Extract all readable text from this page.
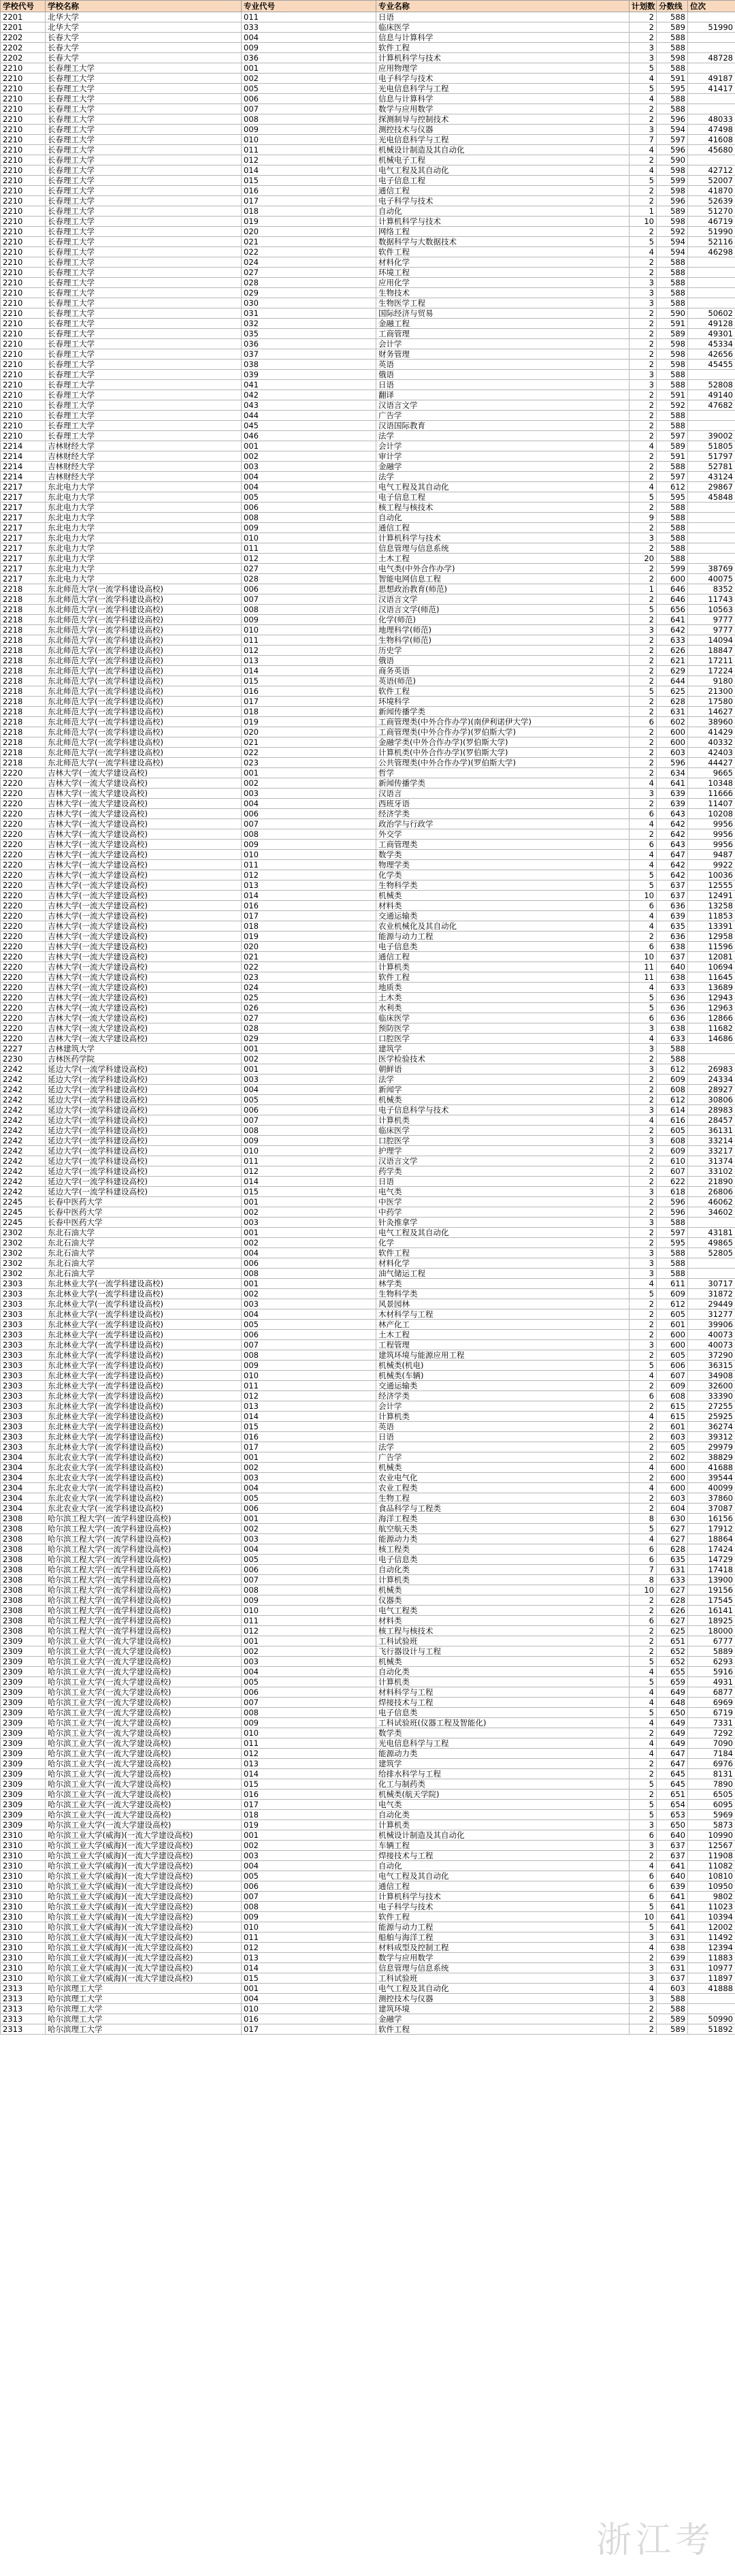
学校代号	学校名称	专业代号	专业名称	计划数	分数线	位次
2201	北华大学	011	日语	2	588	
2201	北华大学	033	临床医学	2	589	51990
2202	长春大学	004	信息与计算科学	2	588	
2202	长春大学	009	软件工程	3	588	
2202	长春大学	036	计算机科学与技术	3	598	48728
2210	长春理工大学	001	应用物理学	5	588	
2210	长春理工大学	002	电子科学与技术	4	591	49187
2210	长春理工大学	005	光电信息科学与工程	5	595	41417
2210	长春理工大学	006	信息与计算科学	4	588	
2210	长春理工大学	007	数学与应用数学	2	588	
2210	长春理工大学	008	探测制导与控制技术	2	596	48033
2210	长春理工大学	009	测控技术与仪器	3	594	47498
2210	长春理工大学	010	光电信息科学与工程	7	597	41608
2210	长春理工大学	011	机械设计制造及其自动化	4	596	45680
2210	长春理工大学	012	机械电子工程	2	590	
2210	长春理工大学	014	电气工程及其自动化	4	598	42712
2210	长春理工大学	015	电子信息工程	5	599	52007
2210	长春理工大学	016	通信工程	2	598	41870
2210	长春理工大学	017	电子科学与技术	2	596	52639
2210	长春理工大学	018	自动化	1	589	51270
2210	长春理工大学	019	计算机科学与技术	10	598	46719
2210	长春理工大学	020	网络工程	2	592	51990
2210	长春理工大学	021	数据科学与大数据技术	5	594	52116
2210	长春理工大学	022	软件工程	4	594	46298
2210	长春理工大学	024	材料化学	2	588	
2210	长春理工大学	027	环境工程	2	588	
2210	长春理工大学	028	应用化学	3	588	
2210	长春理工大学	029	生物技术	3	588	
2210	长春理工大学	030	生物医学工程	3	588	
2210	长春理工大学	031	国际经济与贸易	2	590	50602
2210	长春理工大学	032	金融工程	2	591	49128
2210	长春理工大学	035	工商管理	2	589	49301
2210	长春理工大学	036	会计学	2	598	45334
2210	长春理工大学	037	财务管理	2	598	42656
2210	长春理工大学	038	英语	2	598	45455
2210	长春理工大学	039	俄语	3	588	
2210	长春理工大学	041	日语	3	588	52808
2210	长春理工大学	042	翻译	2	591	49140
2210	长春理工大学	043	汉语言文学	2	592	47682
2210	长春理工大学	044	广告学	2	588	
2210	长春理工大学	045	汉语国际教育	2	588	
2210	长春理工大学	046	法学	2	597	39002
2214	吉林财经大学	001	会计学	4	589	51805
2214	吉林财经大学	002	审计学	2	591	51797
2214	吉林财经大学	003	金融学	2	588	52781
2214	吉林财经大学	004	法学	2	597	43124
2217	东北电力大学	004	电气工程及其自动化	4	612	29867
2217	东北电力大学	005	电子信息工程	5	595	45848
2217	东北电力大学	006	核工程与核技术	2	588	
2217	东北电力大学	008	自动化	9	588	
2217	东北电力大学	009	通信工程	2	588	
2217	东北电力大学	010	计算机科学与技术	3	588	
2217	东北电力大学	011	信息管理与信息系统	2	588	
2217	东北电力大学	012	土木工程	20	588	
2217	东北电力大学	027	电气类(中外合作办学)	2	599	38769
2217	东北电力大学	028	智能电网信息工程	2	600	40075
2218	东北师范大学(一流学科建设高校)	006	思想政治教育(师范)	1	646	8352
2218	东北师范大学(一流学科建设高校)	007	汉语言文学	2	646	11743
2218	东北师范大学(一流学科建设高校)	008	汉语言文学(师范)	5	656	10563
2218	东北师范大学(一流学科建设高校)	009	化学(师范)	2	641	9777
2218	东北师范大学(一流学科建设高校)	010	地理科学(师范)	3	642	9777
2218	东北师范大学(一流学科建设高校)	011	生物科学(师范)	2	633	14094
2218	东北师范大学(一流学科建设高校)	012	历史学	2	626	18847
2218	东北师范大学(一流学科建设高校)	013	俄语	2	621	17211
2218	东北师范大学(一流学科建设高校)	014	商务英语	2	629	17224
2218	东北师范大学(一流学科建设高校)	015	英语(师范)	2	644	9180
2218	东北师范大学(一流学科建设高校)	016	软件工程	5	625	21300
2218	东北师范大学(一流学科建设高校)	017	环境科学	2	628	17580
2218	东北师范大学(一流学科建设高校)	018	新闻传播学类	2	631	14627
2218	东北师范大学(一流学科建设高校)	019	工商管理类(中外合作办学)(南伊利诺伊大学)	6	602	38960
2218	东北师范大学(一流学科建设高校)	020	工商管理类(中外合作办学)(罗伯斯大学)	2	600	41429
2218	东北师范大学(一流学科建设高校)	021	金融学类(中外合作办学)(罗伯斯大学)	2	600	40332
2218	东北师范大学(一流学科建设高校)	022	计算机类(中外合作办学)(罗伯斯大学)	2	603	42403
2218	东北师范大学(一流学科建设高校)	023	公共管理类(中外合作办学)(罗伯斯大学)	2	596	44427
2220	吉林大学(一流大学建设高校)	001	哲学	2	634	9665
2220	吉林大学(一流大学建设高校)	002	新闻传播学类	4	641	10348
2220	吉林大学(一流大学建设高校)	003	汉语言	3	639	11666
2220	吉林大学(一流大学建设高校)	004	西班牙语	2	639	11407
2220	吉林大学(一流大学建设高校)	006	经济学类	6	643	10208
2220	吉林大学(一流大学建设高校)	007	政治学与行政学	4	642	9956
2220	吉林大学(一流大学建设高校)	008	外交学	2	642	9956
2220	吉林大学(一流大学建设高校)	009	工商管理类	6	643	9956
2220	吉林大学(一流大学建设高校)	010	数学类	4	647	9487
2220	吉林大学(一流大学建设高校)	011	物理学类	4	642	9922
2220	吉林大学(一流大学建设高校)	012	化学类	5	642	10036
2220	吉林大学(一流大学建设高校)	013	生物科学类	5	637	12555
2220	吉林大学(一流大学建设高校)	014	机械类	10	637	12491
2220	吉林大学(一流大学建设高校)	016	材料类	6	636	13258
2220	吉林大学(一流大学建设高校)	017	交通运输类	4	639	11853
2220	吉林大学(一流大学建设高校)	018	农业机械化及其自动化	4	635	13391
2220	吉林大学(一流大学建设高校)	019	能源与动力工程	2	636	12958
2220	吉林大学(一流大学建设高校)	020	电子信息类	6	638	11596
2220	吉林大学(一流大学建设高校)	021	通信工程	10	637	12081
2220	吉林大学(一流大学建设高校)	022	计算机类	11	640	10694
2220	吉林大学(一流大学建设高校)	023	软件工程	11	638	11645
2220	吉林大学(一流大学建设高校)	024	地质类	4	633	13689
2220	吉林大学(一流大学建设高校)	025	土木类	5	636	12943
2220	吉林大学(一流大学建设高校)	026	水利类	5	636	12963
2220	吉林大学(一流大学建设高校)	027	临床医学	6	636	12866
2220	吉林大学(一流大学建设高校)	028	预防医学	3	638	11682
2220	吉林大学(一流大学建设高校)	029	口腔医学	4	633	14686
2227	吉林建筑大学	001	建筑学	3	588	
2230	吉林医药学院	002	医学检验技术	2	588	
2242	延边大学(一流学科建设高校)	001	朝鲜语	3	612	26983
2242	延边大学(一流学科建设高校)	003	法学	2	609	24334
2242	延边大学(一流学科建设高校)	004	新闻学	2	608	28927
2242	延边大学(一流学科建设高校)	005	机械类	2	612	30806
2242	延边大学(一流学科建设高校)	006	电子信息科学与技术	3	614	28983
2242	延边大学(一流学科建设高校)	007	计算机类	4	616	28457
2242	延边大学(一流学科建设高校)	008	临床医学	2	605	36131
2242	延边大学(一流学科建设高校)	009	口腔医学	3	608	33214
2242	延边大学(一流学科建设高校)	010	护理学	2	609	33217
2242	延边大学(一流学科建设高校)	011	汉语言文学	2	610	31374
2242	延边大学(一流学科建设高校)	012	药学类	2	607	33102
2242	延边大学(一流学科建设高校)	014	日语	2	622	21890
2242	延边大学(一流学科建设高校)	015	电气类	3	618	26806
2245	长春中医药大学	001	中医学	2	596	46062
2245	长春中医药大学	002	中药学	2	596	34602
2245	长春中医药大学	003	针灸推拿学	3	588	
2302	东北石油大学	001	电气工程及其自动化	2	597	43181
2302	东北石油大学	002	化学	2	595	49865
2302	东北石油大学	004	软件工程	3	588	52805
2302	东北石油大学	006	材料化学	3	588	
2302	东北石油大学	008	油气储运工程	3	588	
2303	东北林业大学(一流学科建设高校)	001	林学类	4	611	30717
2303	东北林业大学(一流学科建设高校)	002	生物科学类	5	609	31872
2303	东北林业大学(一流学科建设高校)	003	风景园林	2	612	29449
2303	东北林业大学(一流学科建设高校)	004	木材科学与工程	2	605	31277
2303	东北林业大学(一流学科建设高校)	005	林产化工	2	601	39906
2303	东北林业大学(一流学科建设高校)	006	土木工程	2	600	40073
2303	东北林业大学(一流学科建设高校)	007	工程管理	3	600	40073
2303	东北林业大学(一流学科建设高校)	008	建筑环境与能源应用工程	2	605	37290
2303	东北林业大学(一流学科建设高校)	009	机械类(机电)	5	606	36315
2303	东北林业大学(一流学科建设高校)	010	机械类(车辆)	4	607	34908
2303	东北林业大学(一流学科建设高校)	011	交通运输类	2	609	32600
2303	东北林业大学(一流学科建设高校)	012	经济学类	6	608	33390
2303	东北林业大学(一流学科建设高校)	013	会计学	2	615	27255
2303	东北林业大学(一流学科建设高校)	014	计算机类	4	615	25925
2303	东北林业大学(一流学科建设高校)	015	英语	2	601	36274
2303	东北林业大学(一流学科建设高校)	016	日语	2	603	39312
2303	东北林业大学(一流学科建设高校)	017	法学	2	605	29979
2304	东北农业大学(一流学科建设高校)	001	广告学	2	602	38829
2304	东北农业大学(一流学科建设高校)	002	机械类	4	600	41688
2304	东北农业大学(一流学科建设高校)	003	农业电气化	2	600	39544
2304	东北农业大学(一流学科建设高校)	004	农业工程类	4	600	40099
2304	东北农业大学(一流学科建设高校)	005	生物工程	2	603	37860
2304	东北农业大学(一流学科建设高校)	006	食品科学与工程类	2	604	37087
2308	哈尔滨工程大学(一流学科建设高校)	001	海洋工程类	8	630	16156
2308	哈尔滨工程大学(一流学科建设高校)	002	航空航天类	5	627	17912
2308	哈尔滨工程大学(一流学科建设高校)	003	能源动力类	4	627	18864
2308	哈尔滨工程大学(一流学科建设高校)	004	核工程类	6	628	17424
2308	哈尔滨工程大学(一流学科建设高校)	005	电子信息类	6	635	14729
2308	哈尔滨工程大学(一流学科建设高校)	006	自动化类	7	631	17418
2308	哈尔滨工程大学(一流学科建设高校)	007	计算机类	8	633	13900
2308	哈尔滨工程大学(一流学科建设高校)	008	机械类	10	627	19156
2308	哈尔滨工程大学(一流学科建设高校)	009	仪器类	2	628	17545
2308	哈尔滨工程大学(一流学科建设高校)	010	电气工程类	2	626	16141
2308	哈尔滨工程大学(一流学科建设高校)	011	材料类	6	627	18925
2308	哈尔滨工程大学(一流学科建设高校)	012	核工程与核技术	2	625	18000
2309	哈尔滨工业大学(一流大学建设高校)	001	工科试验班	2	651	6777
2309	哈尔滨工业大学(一流大学建设高校)	002	飞行器设计与工程	2	652	5889
2309	哈尔滨工业大学(一流大学建设高校)	003	机械类	5	652	6293
2309	哈尔滨工业大学(一流大学建设高校)	004	自动化类	4	655	5916
2309	哈尔滨工业大学(一流大学建设高校)	005	计算机类	5	659	4931
2309	哈尔滨工业大学(一流大学建设高校)	006	材料科学与工程	4	649	6877
2309	哈尔滨工业大学(一流大学建设高校)	007	焊接技术与工程	4	648	6969
2309	哈尔滨工业大学(一流大学建设高校)	008	电子信息类	5	650	6719
2309	哈尔滨工业大学(一流大学建设高校)	009	工科试验班(仪器工程及智能化)	4	649	7331
2309	哈尔滨工业大学(一流大学建设高校)	010	数学类	2	649	7292
2309	哈尔滨工业大学(一流大学建设高校)	011	光电信息科学与工程	4	649	7090
2309	哈尔滨工业大学(一流大学建设高校)	012	能源动力类	4	647	7184
2309	哈尔滨工业大学(一流大学建设高校)	013	建筑学	2	647	6976
2309	哈尔滨工业大学(一流大学建设高校)	014	给排水科学与工程	2	645	8131
2309	哈尔滨工业大学(一流大学建设高校)	015	化工与制药类	5	645	7890
2309	哈尔滨工业大学(一流大学建设高校)	016	机械类(航天学院)	2	651	6505
2309	哈尔滨工业大学(一流大学建设高校)	017	电气类	5	654	6095
2309	哈尔滨工业大学(一流大学建设高校)	018	自动化类	5	653	5969
2309	哈尔滨工业大学(一流大学建设高校)	019	计算机类	3	650	5873
2310	哈尔滨工业大学(威海)(一流大学建设高校)	001	机械设计制造及其自动化	6	640	10990
2310	哈尔滨工业大学(威海)(一流大学建设高校)	002	车辆工程	3	637	12567
2310	哈尔滨工业大学(威海)(一流大学建设高校)	003	焊接技术与工程	2	637	11908
2310	哈尔滨工业大学(威海)(一流大学建设高校)	004	自动化	4	641	11082
2310	哈尔滨工业大学(威海)(一流大学建设高校)	005	电气工程及其自动化	6	640	10810
2310	哈尔滨工业大学(威海)(一流大学建设高校)	006	通信工程	6	639	10950
2310	哈尔滨工业大学(威海)(一流大学建设高校)	007	计算机科学与技术	6	641	9802
2310	哈尔滨工业大学(威海)(一流大学建设高校)	008	电子科学与技术	5	641	11023
2310	哈尔滨工业大学(威海)(一流大学建设高校)	009	软件工程	10	641	10394
2310	哈尔滨工业大学(威海)(一流大学建设高校)	010	能源与动力工程	5	641	12002
2310	哈尔滨工业大学(威海)(一流大学建设高校)	011	船舶与海洋工程	3	631	11492
2310	哈尔滨工业大学(威海)(一流大学建设高校)	012	材料成型及控制工程	4	638	12394
2310	哈尔滨工业大学(威海)(一流大学建设高校)	013	数学与应用数学	2	639	11883
2310	哈尔滨工业大学(威海)(一流大学建设高校)	014	信息管理与信息系统	3	631	10977
2310	哈尔滨工业大学(威海)(一流大学建设高校)	015	工科试验班	3	637	11897
2313	哈尔滨理工大学	001	电气工程及其自动化	4	603	41888
2313	哈尔滨理工大学	004	测控技术与仪器	3	588	
2313	哈尔滨理工大学	010	建筑环境	2	588	
2313	哈尔滨理工大学	016	金融学	2	589	50990
2313	哈尔滨理工大学	017	软件工程	2	589	51892
浙江考
